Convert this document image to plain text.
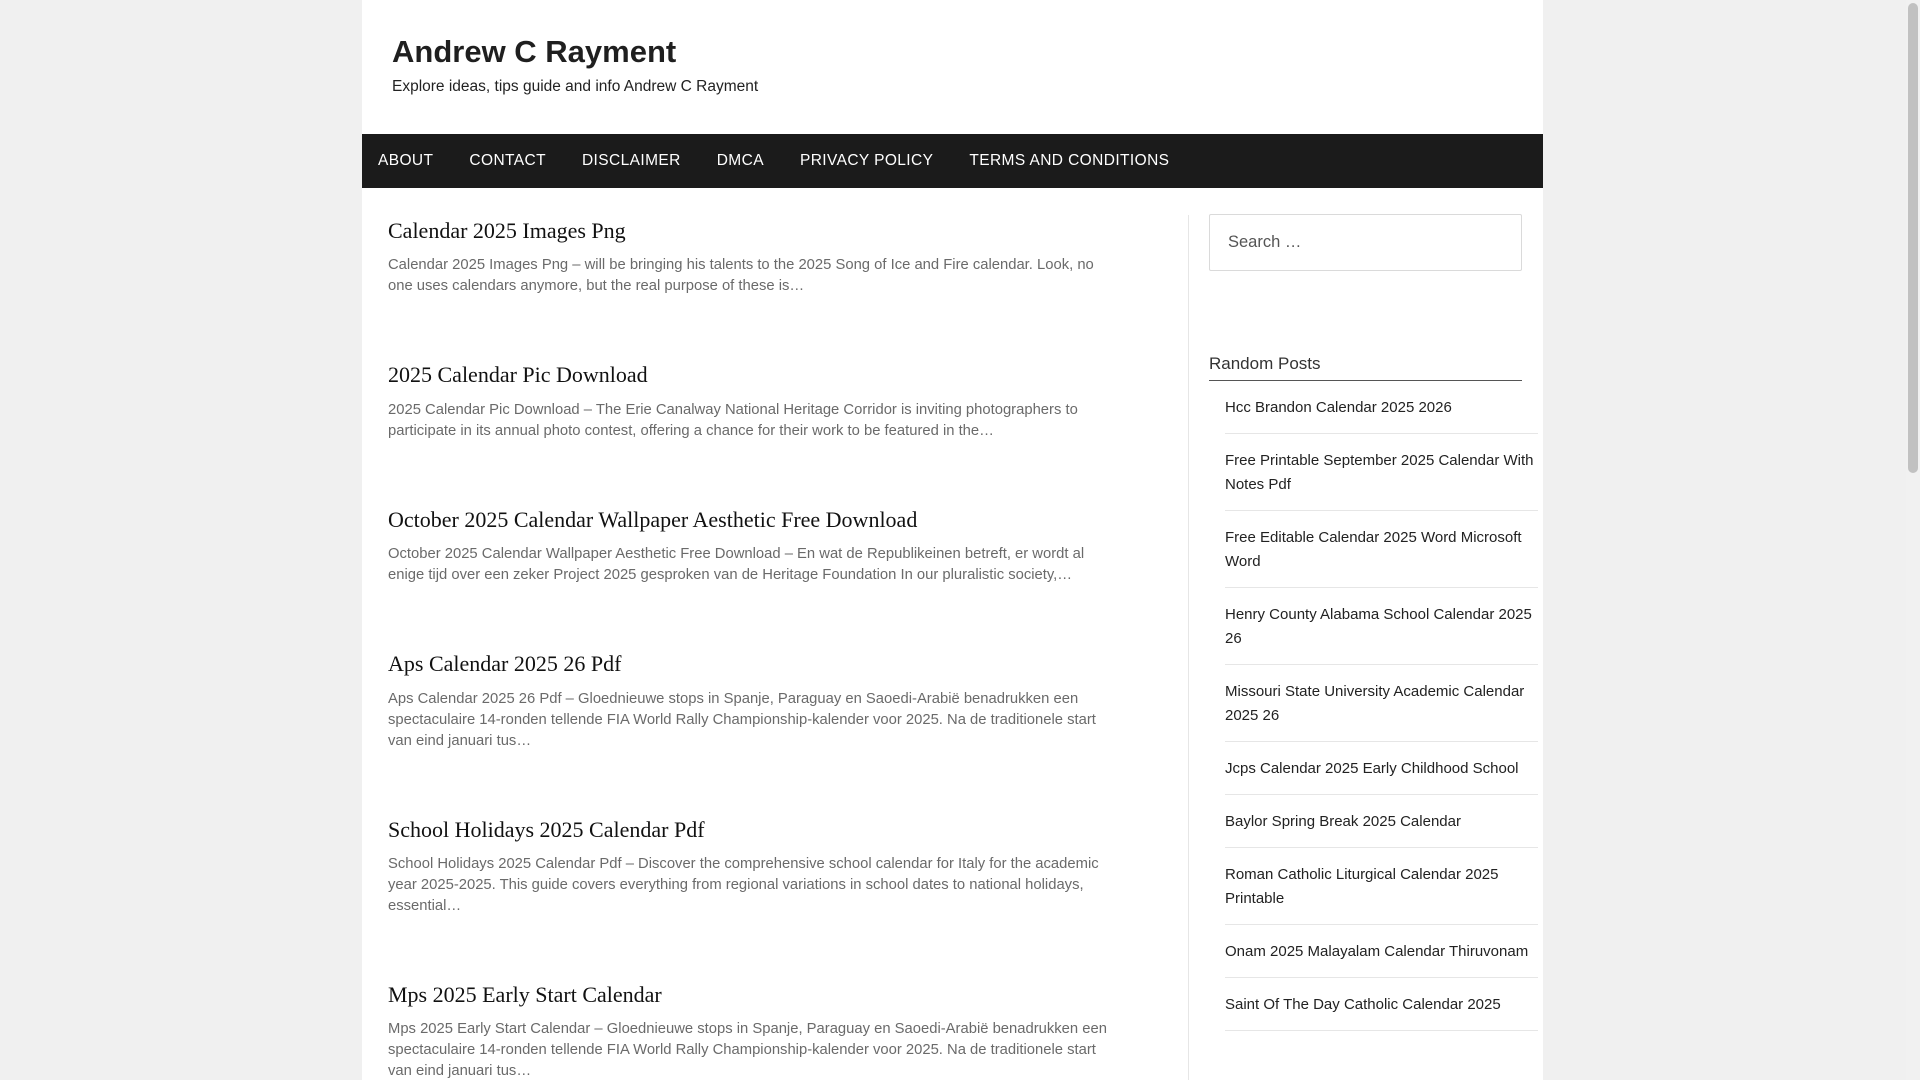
Andrew C Rayment
Explore ideas, tips guide and info Andrew C Rayment
ABOUT	CONTACT	DISCLAIMER	DMCA	PRIVACY POLICY	TERMS AND CONDITIONS
Calendar 2025 Images Png
Calendar 2025 Images Png – will be bringing his talents to the 2025 Song of Ice and Fire calendar. Look, no one uses calendars anymore, but the real purpose of these is…
2025 Calendar Pic Download
2025 Calendar Pic Download – The Erie Canalway National Heritage Corridor is inviting photographers to participate in its annual photo contest, offering a chance for their work to be featured in the…
October 2025 Calendar Wallpaper Aesthetic Free Download
October 2025 Calendar Wallpaper Aesthetic Free Download – En wat de Republikeinen betreft, er wordt al enige tijd over een zeker Project 2025 gesproken van de Heritage Foundation In our pluralistic society,…
Aps Calendar 2025 26 Pdf
Aps Calendar 2025 26 Pdf – Gloednieuwe stops in Spanje, Paraguay en Saoedi-Arabië benadrukken een spectaculaire 14-ronden tellende FIA World Rally Championship-kalender voor 2025. Na de traditionele start van eind januari tus…
School Holidays 2025 Calendar Pdf
School Holidays 2025 Calendar Pdf – Discover the comprehensive school calendar for Italy for the academic year 2025-2025. This guide covers everything from regional variations in school dates to national holidays, essential…
Mps 2025 Early Start Calendar
Mps 2025 Early Start Calendar – Gloednieuwe stops in Spanje, Paraguay en Saoedi-Arabië benadrukken een spectaculaire 14-ronden tellende FIA World Rally Championship-kalender voor 2025. Na de traditionele start van eind januari tus…
Search …
Random Posts
Hcc Brandon Calendar 2025 2026
Free Printable September 2025 Calendar With Notes Pdf
Free Editable Calendar 2025 Word Microsoft Word
Henry County Alabama School Calendar 2025 26
Missouri State University Academic Calendar 2025 26
Jcps Calendar 2025 Early Childhood School
Baylor Spring Break 2025 Calendar
Roman Catholic Liturgical Calendar 2025 Printable
Onam 2025 Malayalam Calendar Thiruvonam
Saint Of The Day Catholic Calendar 2025
